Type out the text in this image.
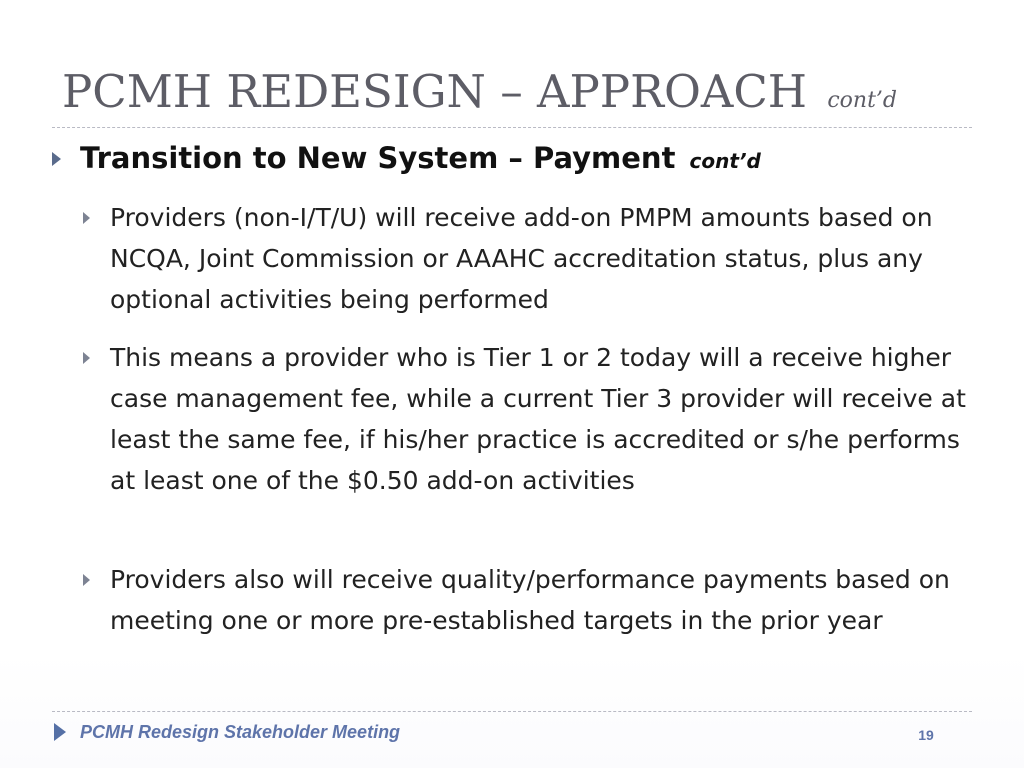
PCMH REDESIGN – APPROACH cont’d
Transition to New System – Payment cont’d
Providers (non-I/T/U) will receive add-on PMPM amounts based on NCQA, Joint Commission or AAAHC accreditation status, plus any optional activities being performed
This means a provider who is Tier 1 or 2 today will a receive higher case management fee, while a current Tier 3 provider will receive at least the same fee, if his/her practice is accredited or s/he performs at least one of the $0.50 add-on activities
Providers also will receive quality/performance payments based on meeting one or more pre-established targets in the prior year
PCMH Redesign Stakeholder Meeting	19
